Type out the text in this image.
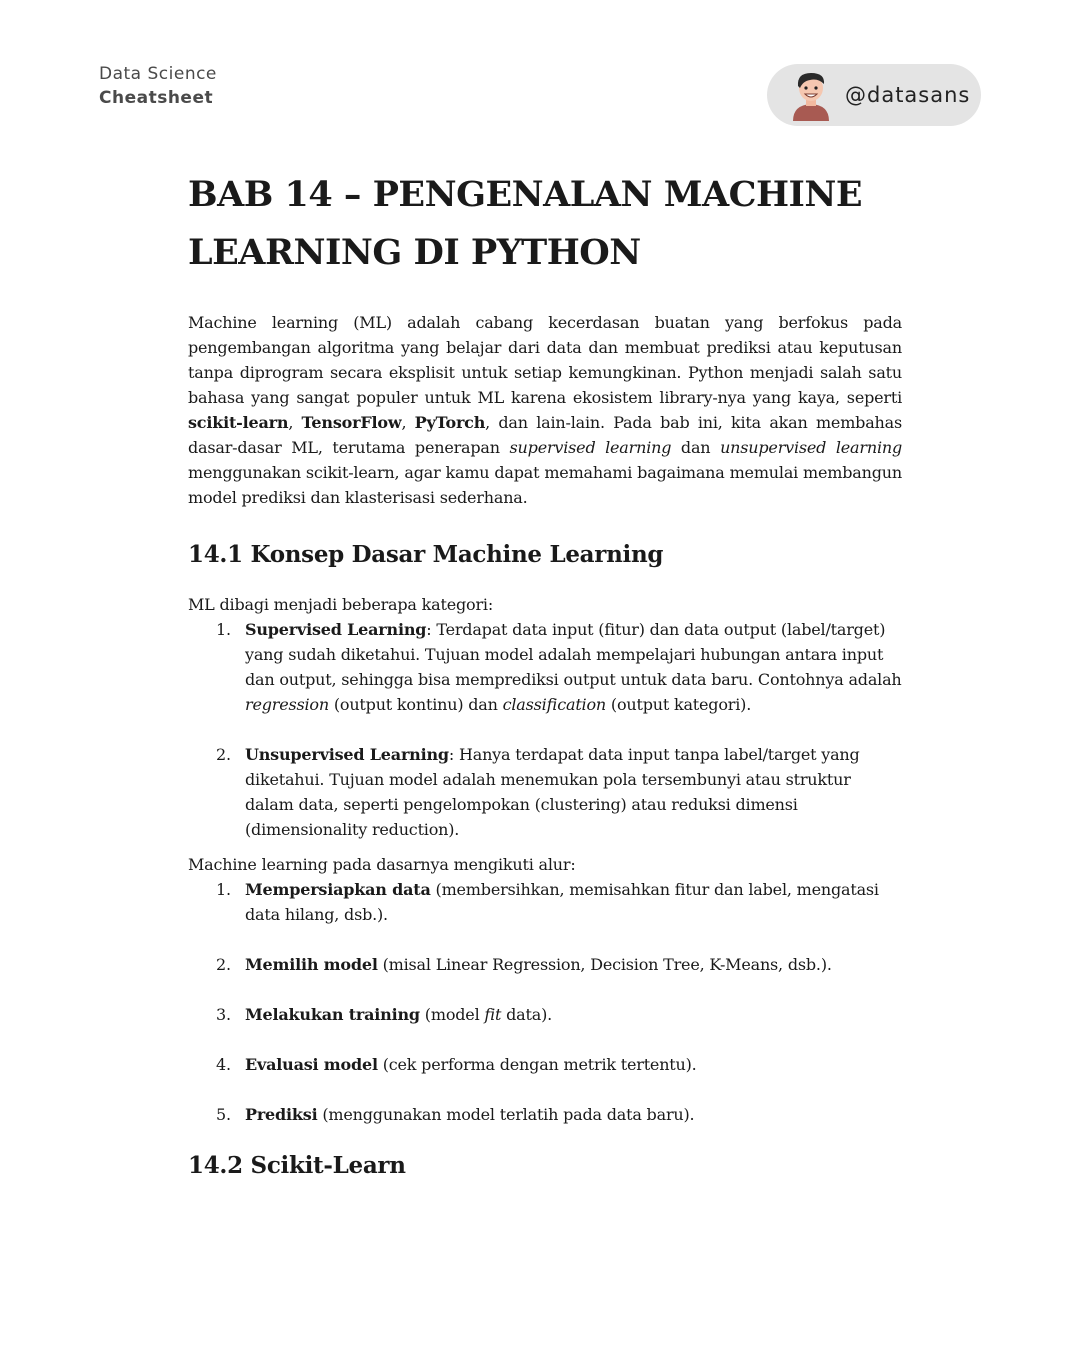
Data Science
Cheatsheet	@datasans
BAB 14 – PENGENALAN MACHINE LEARNING DI PYTHON

Machine learning (ML) adalah cabang kecerdasan buatan yang berfokus pada pengembangan algoritma yang belajar dari data dan membuat prediksi atau keputusan tanpa diprogram secara eksplisit untuk setiap kemungkinan. Python menjadi salah satu bahasa yang sangat populer untuk ML karena ekosistem library-nya yang kaya, seperti scikit-learn, TensorFlow, PyTorch, dan lain-lain. Pada bab ini, kita akan membahas dasar-dasar ML, terutama penerapan supervised learning dan unsupervised learning menggunakan scikit-learn, agar kamu dapat memahami bagaimana memulai membangun model prediksi dan klasterisasi sederhana.

14.1 Konsep Dasar Machine Learning

ML dibagi menjadi beberapa kategori:

1. Supervised Learning: Terdapat data input (fitur) dan data output (label/target) yang sudah diketahui. Tujuan model adalah mempelajari hubungan antara input dan output, sehingga bisa memprediksi output untuk data baru. Contohnya adalah regression (output kontinu) dan classification (output kategori).
2. Unsupervised Learning: Hanya terdapat data input tanpa label/target yang diketahui. Tujuan model adalah menemukan pola tersembunyi atau struktur dalam data, seperti pengelompokan (clustering) atau reduksi dimensi (dimensionality reduction).

Machine learning pada dasarnya mengikuti alur:

1. Mempersiapkan data (membersihkan, memisahkan fitur dan label, mengatasi data hilang, dsb.).
2. Memilih model (misal Linear Regression, Decision Tree, K-Means, dsb.).
3. Melakukan training (model fit data).
4. Evaluasi model (cek performa dengan metrik tertentu).
5. Prediksi (menggunakan model terlatih pada data baru).
14.2 Scikit-Learn
